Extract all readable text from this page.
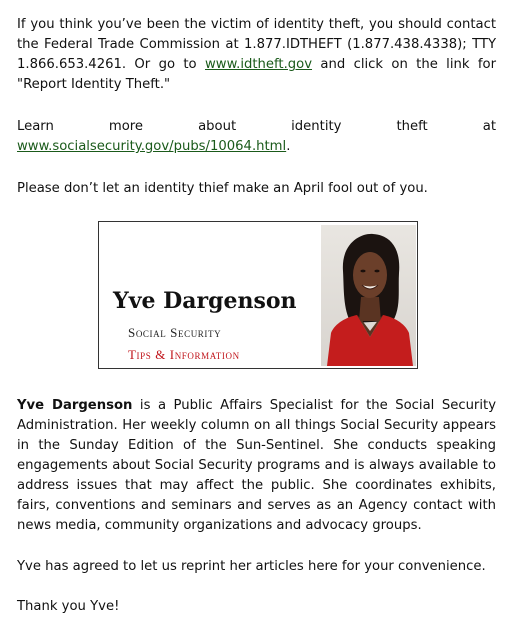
If you think you’ve been the victim of identity theft, you should contact the Federal Trade Commission at 1.877.IDTHEFT (1.877.438.4338); TTY 1.866.653.4261. Or go to www.idtheft.gov and click on the link for "Report Identity Theft."

Learn more about identity theft at www.socialsecurity.gov/pubs/10064.html.

Please don’t let an identity thief make an April fool out of you.

Yve Dargenson
Social Security
Tips & Information

Yve Dargenson is a Public Affairs Specialist for the Social Security Administration. Her weekly column on all things Social Security appears in the Sunday Edition of the Sun-Sentinel. She conducts speaking engagements about Social Security programs and is always available to address issues that may affect the public. She coordinates exhibits, fairs, conventions and seminars and serves as an Agency contact with news media, community organizations and advocacy groups.

Yve has agreed to let us reprint her articles here for your convenience.

Thank you Yve!
